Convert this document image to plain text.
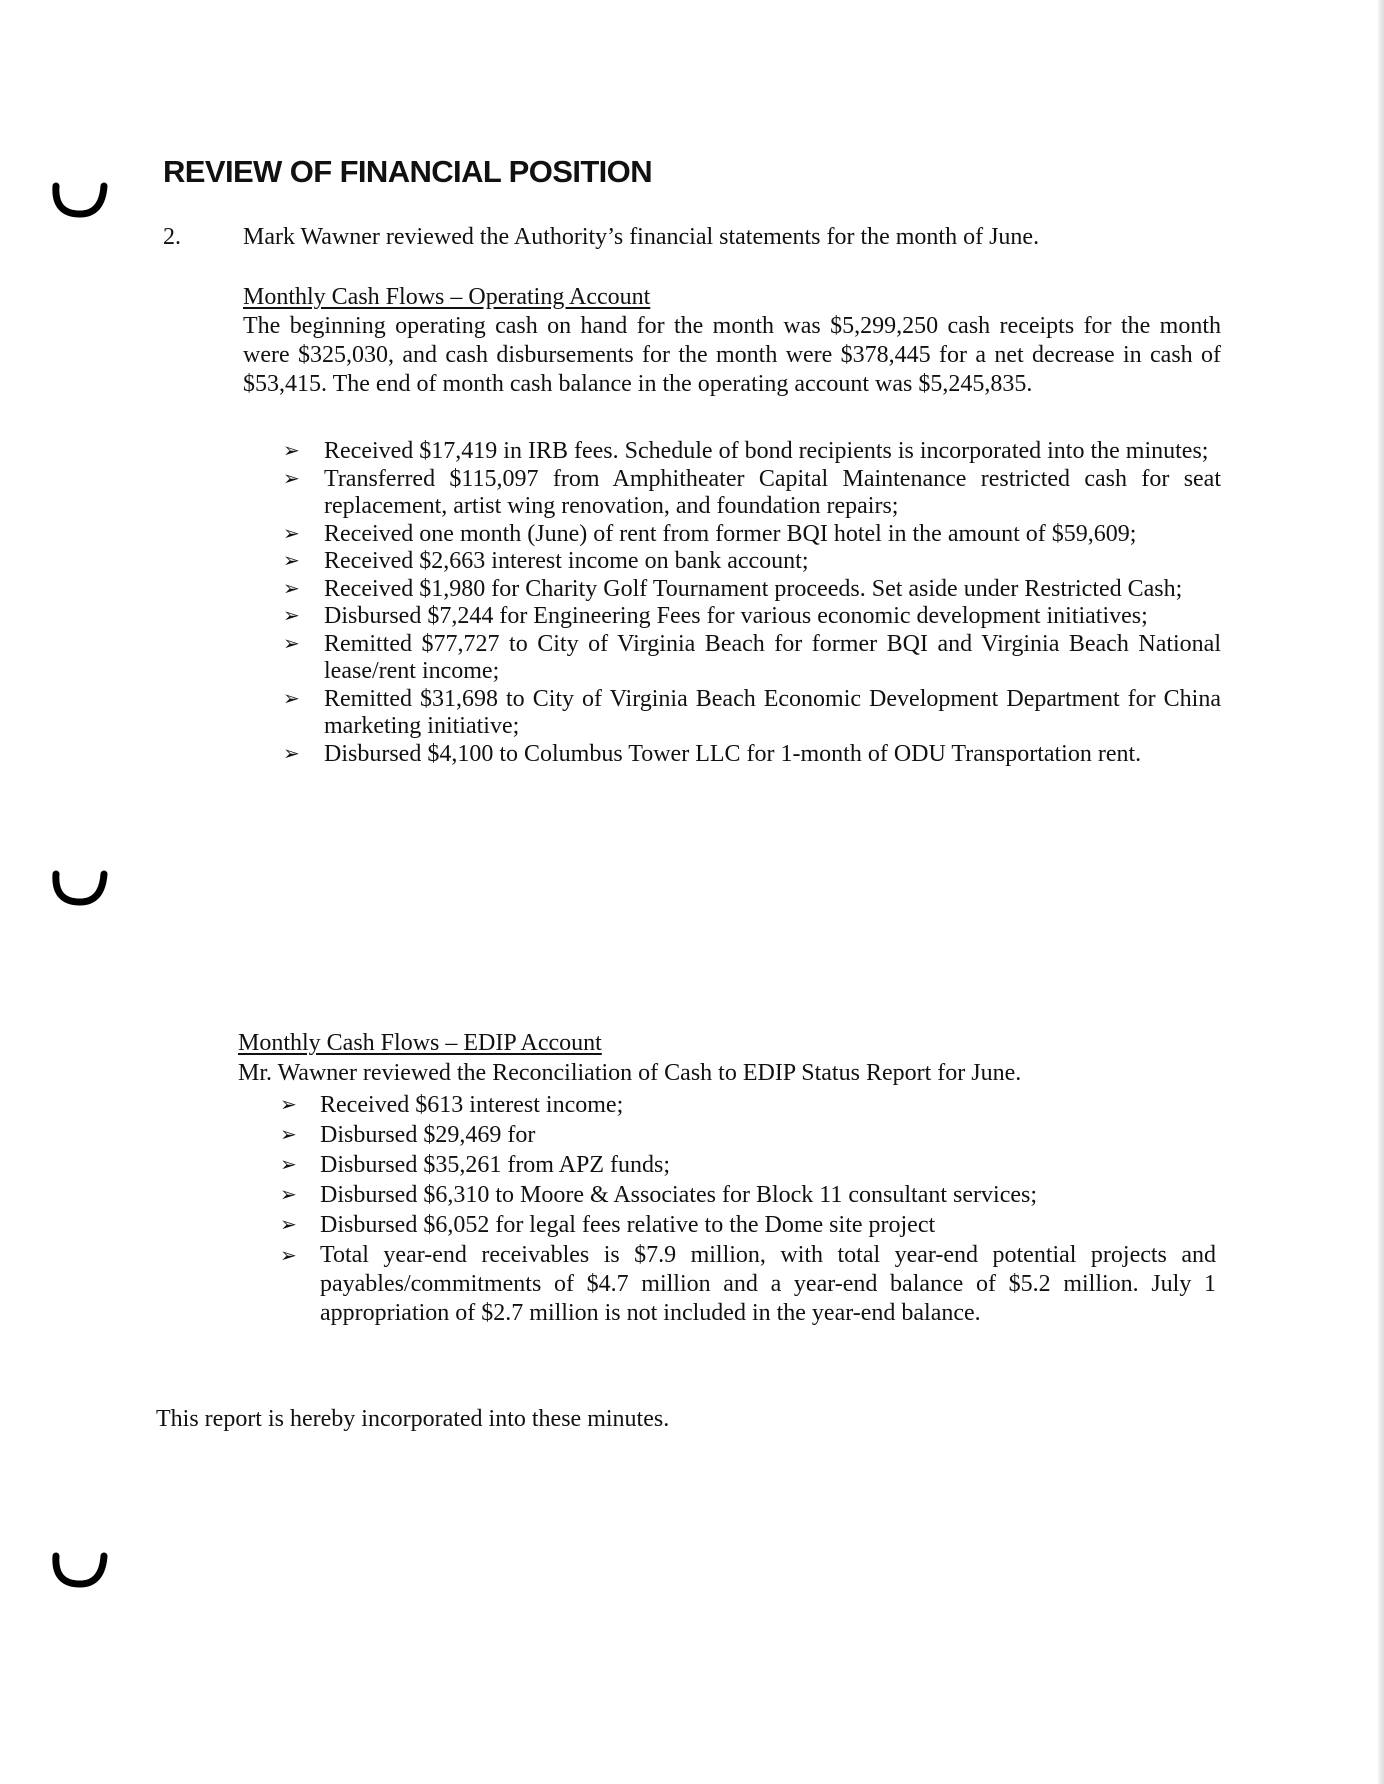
REVIEW OF FINANCIAL POSITION
2.	Mark Wawner reviewed the Authority’s financial statements for the month of June.
Monthly Cash Flows – Operating Account

The beginning operating cash on hand for the month was $5,299,250 cash receipts for the month were $325,030, and cash disbursements for the month were $378,445 for a net decrease in cash of $53,415. The end of month cash balance in the operating account was $5,245,835.

➢ Received $17,419 in IRB fees. Schedule of bond recipients is incorporated into the minutes;
➢ Transferred $115,097 from Amphitheater Capital Maintenance restricted cash for seat replacement, artist wing renovation, and foundation repairs;
➢ Received one month (June) of rent from former BQI hotel in the amount of $59,609;
➢ Received $2,663 interest income on bank account;
➢ Received $1,980 for Charity Golf Tournament proceeds. Set aside under Restricted Cash;
➢ Disbursed $7,244 for Engineering Fees for various economic development initiatives;
➢ Remitted $77,727 to City of Virginia Beach for former BQI and Virginia Beach National lease/rent income;
➢ Remitted $31,698 to City of Virginia Beach Economic Development Department for China marketing initiative;
➢ Disbursed $4,100 to Columbus Tower LLC for 1-month of ODU Transportation rent.
Monthly Cash Flows – EDIP Account

Mr. Wawner reviewed the Reconciliation of Cash to EDIP Status Report for June.

➢ Received $613 interest income;
➢ Disbursed $29,469 for
➢ Disbursed $35,261 from APZ funds;
➢ Disbursed $6,310 to Moore & Associates for Block 11 consultant services;
➢ Disbursed $6,052 for legal fees relative to the Dome site project
➢ Total year-end receivables is $7.9 million, with total year-end potential projects and payables/commitments of $4.7 million and a year-end balance of $5.2 million. July 1 appropriation of $2.7 million is not included in the year-end balance.
This report is hereby incorporated into these minutes.
